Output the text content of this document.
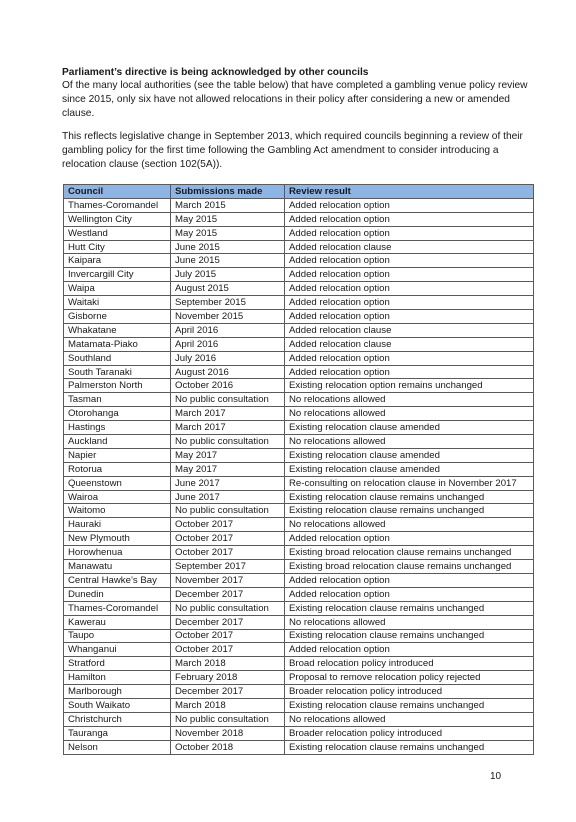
Parliament’s directive is being acknowledged by other councils
Of the many local authorities (see the table below) that have completed a gambling venue policy review since 2015, only six have not allowed relocations in their policy after considering a new or amended clause.
This reflects legislative change in September 2013, which required councils beginning a review of their gambling policy for the first time following the Gambling Act amendment to consider introducing a relocation clause (section 102(5A)).
Council	Submissions made	Review result
Thames-Coromandel	March 2015	Added relocation option
Wellington City	May 2015	Added relocation option
Westland	May 2015	Added relocation option
Hutt City	June 2015	Added relocation clause
Kaipara	June 2015	Added relocation option
Invercargill City	July 2015	Added relocation option
Waipa	August 2015	Added relocation option
Waitaki	September 2015	Added relocation option
Gisborne	November 2015	Added relocation option
Whakatane	April 2016	Added relocation clause
Matamata-Piako	April 2016	Added relocation clause
Southland	July 2016	Added relocation option
South Taranaki	August 2016	Added relocation option
Palmerston North	October 2016	Existing relocation option remains unchanged
Tasman	No public consultation	No relocations allowed
Otorohanga	March 2017	No relocations allowed
Hastings	March 2017	Existing relocation clause amended
Auckland	No public consultation	No relocations allowed
Napier	May 2017	Existing relocation clause amended
Rotorua	May 2017	Existing relocation clause amended
Queenstown	June 2017	Re-consulting on relocation clause in November 2017
Wairoa	June 2017	Existing relocation clause remains unchanged
Waitomo	No public consultation	Existing relocation clause remains unchanged
Hauraki	October 2017	No relocations allowed
New Plymouth	October 2017	Added relocation option
Horowhenua	October 2017	Existing broad relocation clause remains unchanged
Manawatu	September 2017	Existing broad relocation clause remains unchanged
Central Hawke’s Bay	November 2017	Added relocation option
Dunedin	December 2017	Added relocation option
Thames-Coromandel	No public consultation	Existing relocation clause remains unchanged
Kawerau	December 2017	No relocations allowed
Taupo	October 2017	Existing relocation clause remains unchanged
Whanganui	October 2017	Added relocation option
Stratford	March 2018	Broad relocation policy introduced
Hamilton	February 2018	Proposal to remove relocation policy rejected
Marlborough	December 2017	Broader relocation policy introduced
South Waikato	March 2018	Existing relocation clause remains unchanged
Christchurch	No public consultation	No relocations allowed
Tauranga	November 2018	Broader relocation policy introduced
Nelson	October 2018	Existing relocation clause remains unchanged
10
